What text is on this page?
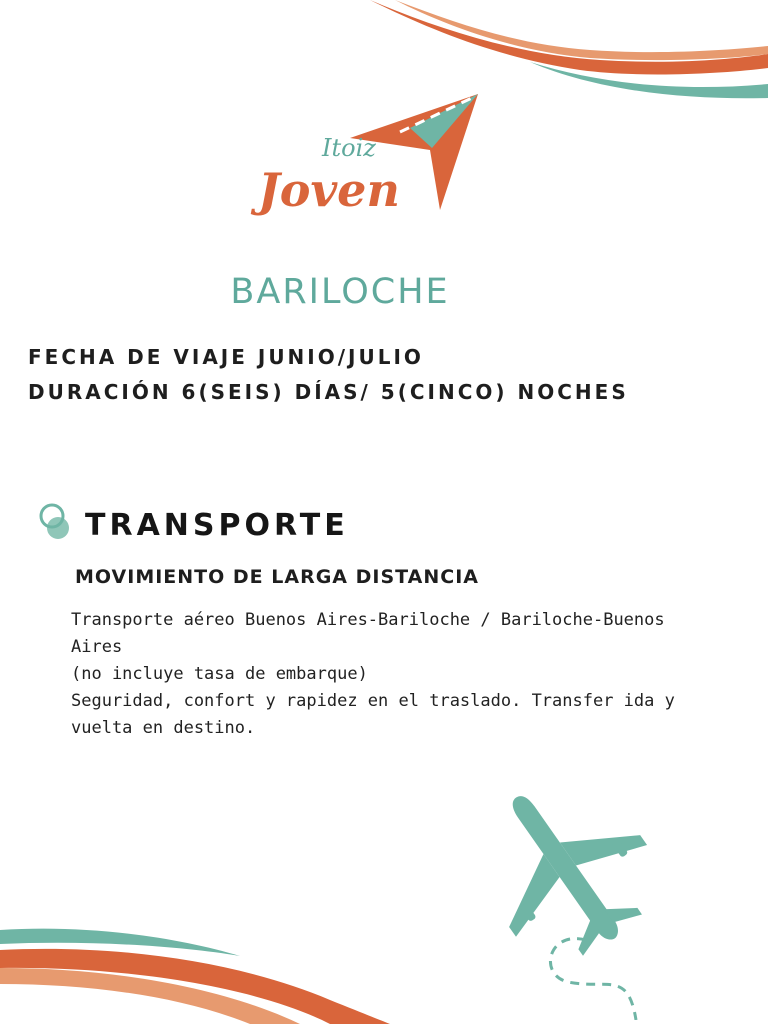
Itoiz
Joven
BARILOCHE
FECHA DE VIAJE JUNIO/JULIO
DURACIÓN 6(SEIS) DÍAS/ 5(CINCO) NOCHES
TRANSPORTE
MOVIMIENTO DE LARGA DISTANCIA

Transporte aéreo Buenos Aires-Bariloche / Bariloche-Buenos Aires

(no incluye tasa de embarque)

Seguridad, confort y rapidez en el traslado. Transfer ida y vuelta en destino.
